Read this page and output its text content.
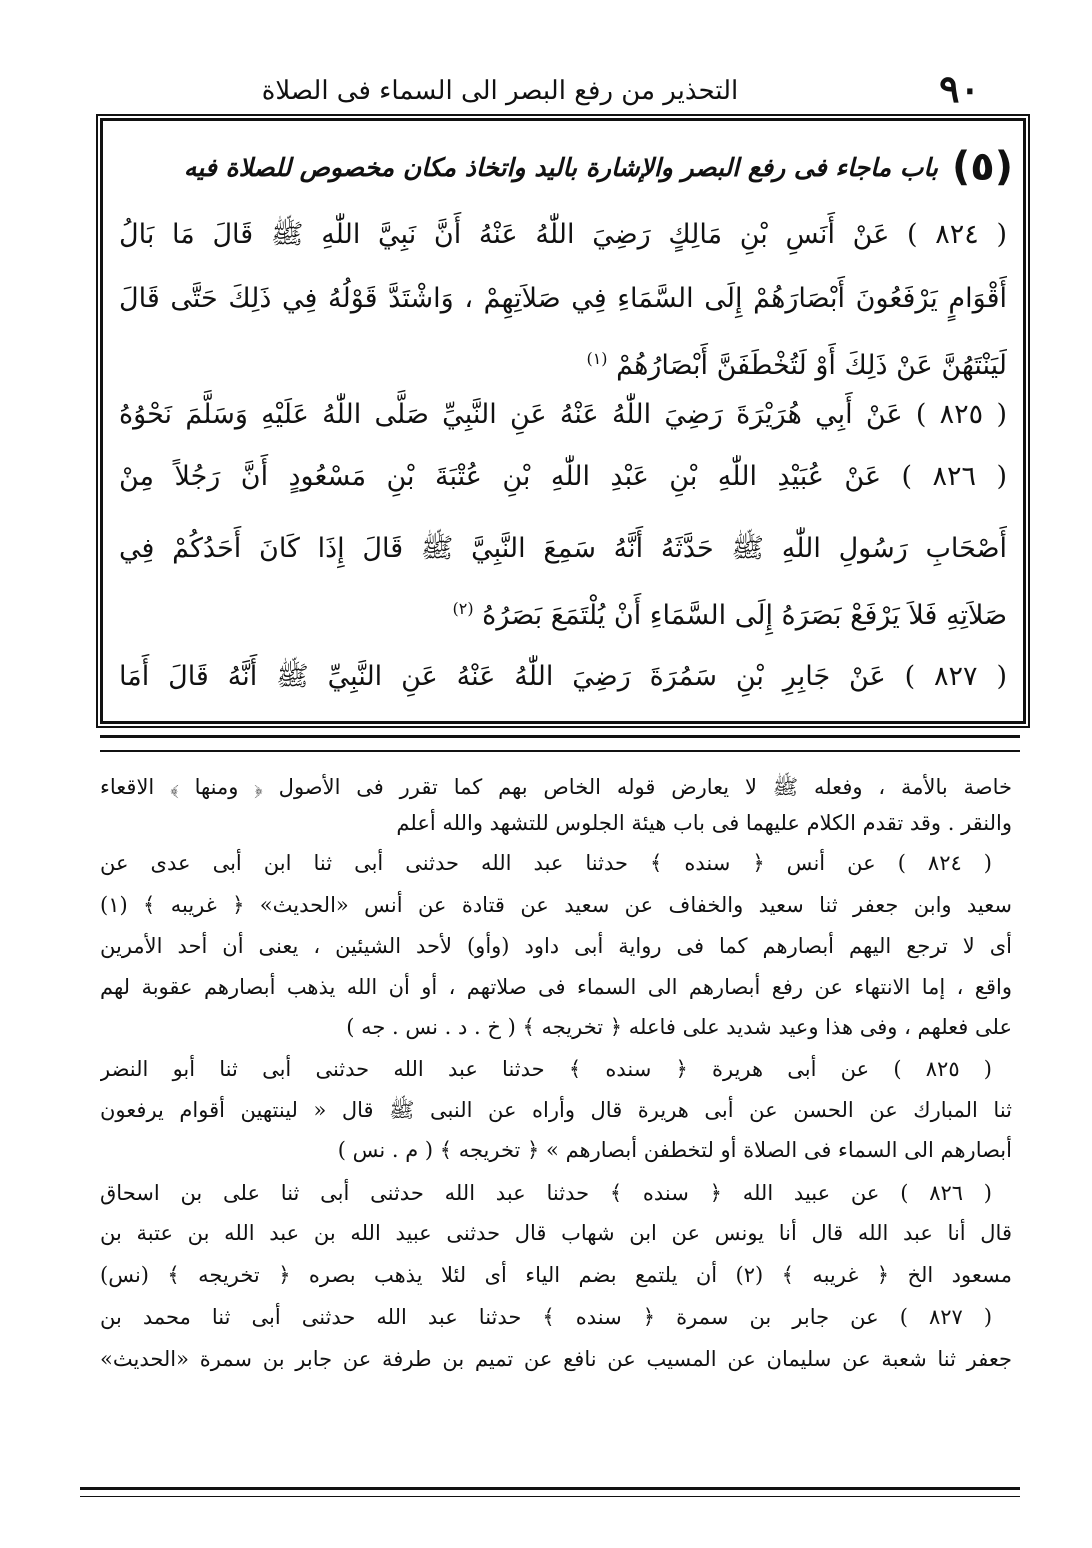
٩٠
التحذير من رفع البصر الى السماء فى الصلاة
(٥)
باب ماجاء فى رفع البصر والإشارة باليد واتخاذ مكان مخصوص للصلاة فيه
( ٨٢٤ ) عَنْ أَنَسِ بْنِ مَالِكٍ رَضِيَ اللّٰهُ عَنْهُ أَنَّ نَبِيَّ اللّٰهِ ﷺ قَالَ مَا بَالُ
أَقْوَامٍ يَرْفَعُونَ أَبْصَارَهُمْ إِلَى السَّمَاءِ فِي صَلاَتِهِمْ ، وَاشْتَدَّ قَوْلُهُ فِي ذَلِكَ حَتَّى قَالَ
لَيَنْتَهُنَّ عَنْ ذَلِكَ أَوْ لَتُخْطَفَنَّ أَبْصَارُهُمْ $^{(١)}$
( ٨٢٥ ) عَنْ أَبِي هُرَيْرَةَ رَضِيَ اللّٰهُ عَنْهُ عَنِ النَّبِيِّ صَلَّى اللّٰهُ عَلَيْهِ وَسَلَّمَ نَحْوُهُ
( ٨٢٦ ) عَنْ عُبَيْدِ اللّٰهِ بْنِ عَبْدِ اللّٰهِ بْنِ عُتْبَةَ بْنِ مَسْعُودٍ أَنَّ رَجُلاً مِنْ
أَصْحَابِ رَسُولِ اللّٰهِ ﷺ حَدَّثَهُ أَنَّهُ سَمِعَ النَّبِيَّ ﷺ قَالَ إِذَا كَانَ أَحَدُكُمْ فِي
صَلاَتِهِ فَلاَ يَرْفَعْ بَصَرَهُ إِلَى السَّمَاءِ أَنْ يُلْتَمَعَ بَصَرُهُ $^{(٢)}$
( ٨٢٧ ) عَنْ جَابِرِ بْنِ سَمُرَةَ رَضِيَ اللّٰهُ عَنْهُ عَنِ النَّبِيِّ ﷺ أَنَّهُ قَالَ أَمَا
خاصة بالأمة ، وفعله ﷺ لا يعارض قوله الخاص بهم كما تقرر فى الأصول ﴿ ومنها ﴾ الاقعاء
والنقر . وقد تقدم الكلام عليهما فى باب هيئة الجلوس للتشهد والله أعلم
( ٨٢٤ ) عن أنس ﴿ سنده ﴾ حدثنا عبد الله حدثنى أبى ثنا ابن أبى عدى عن
سعيد وابن جعفر ثنا سعيد والخفاف عن سعيد عن قتادة عن أنس «الحديث» ﴿ غريبه ﴾ (١)
أى لا ترجع اليهم أبصارهم كما فى رواية أبى داود (وأو) لأحد الشيئين ، يعنى أن أحد الأمرين
واقع ، إما الانتهاء عن رفع أبصارهم الى السماء فى صلاتهم ، أو أن الله يذهب أبصارهم عقوبة لهم
على فعلهم ، وفى هذا وعيد شديد على فاعله ﴿ تخريجه ﴾ ( خ . د . نس . جه )
( ٨٢٥ ) عن أبى هريرة ﴿ سنده ﴾ حدثنا عبد الله حدثنى أبى ثنا أبو النضر
ثنا المبارك عن الحسن عن أبى هريرة قال وأراه عن النبى ﷺ قال « لينتهين أقوام يرفعون
أبصارهم الى السماء فى الصلاة أو لتخطفن أبصارهم » ﴿ تخريجه ﴾ ( م . نس )
( ٨٢٦ ) عن عبيد الله ﴿ سنده ﴾ حدثنا عبد الله حدثنى أبى ثنا على بن اسحاق
قال أنا عبد الله قال أنا يونس عن ابن شهاب قال حدثنى عبيد الله بن عبد الله بن عتبة بن
مسعود الخ ﴿ غريبه ﴾ (٢) أن يلتمع بضم الياء أى لئلا يذهب بصره ﴿ تخريجه ﴾ (نس)
( ٨٢٧ ) عن جابر بن سمرة ﴿ سنده ﴾ حدثنا عبد الله حدثنى أبى ثنا محمد بن
جعفر ثنا شعبة عن سليمان عن المسيب عن نافع عن تميم بن طرفة عن جابر بن سمرة «الحديث»
